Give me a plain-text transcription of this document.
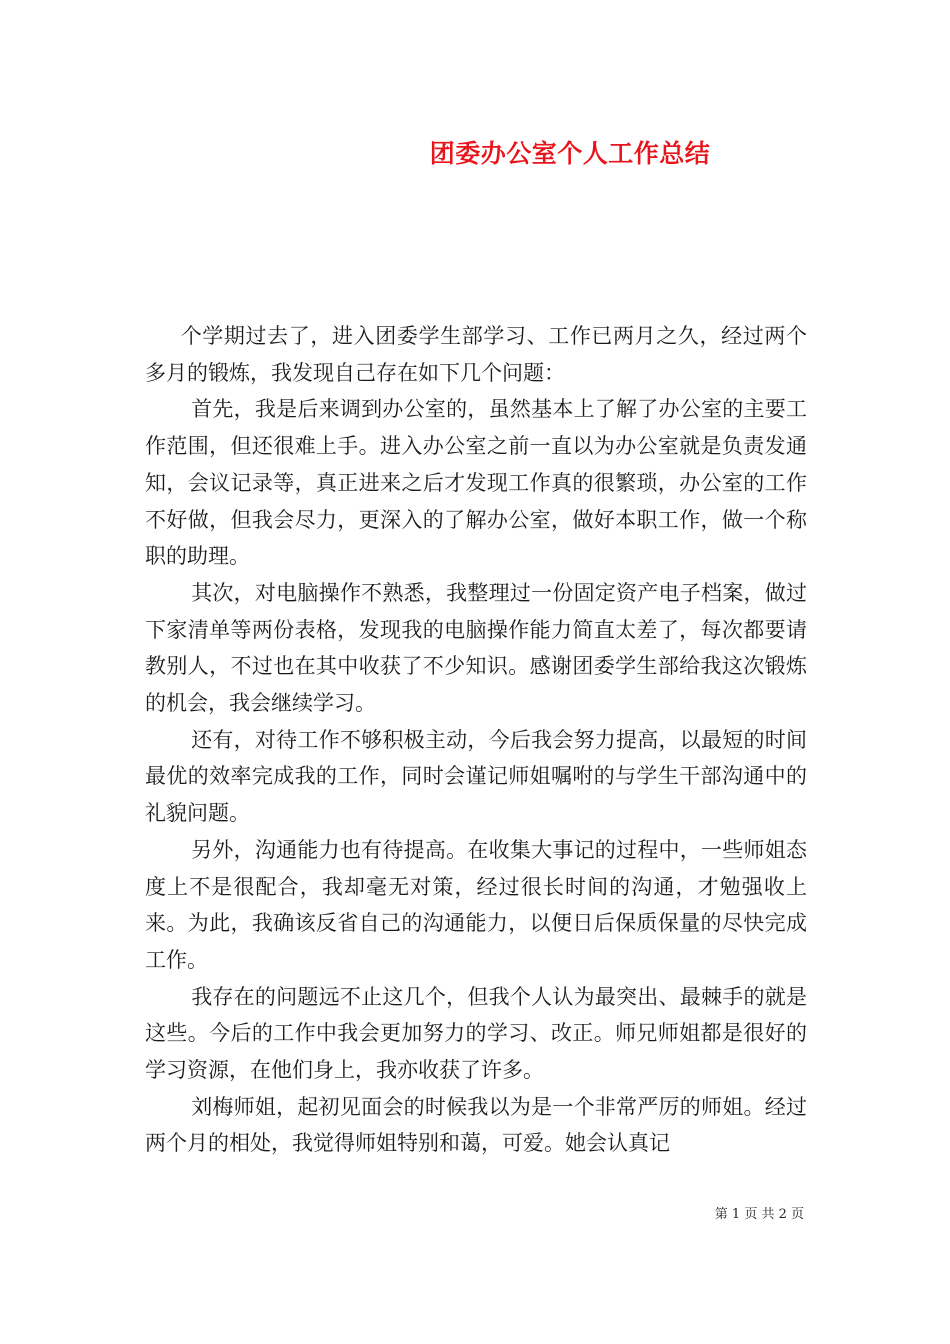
团委办公室个人工作总结

个学期过去了，进入团委学生部学习、工作已两月之久，经过两个多月的锻炼，我发现自己存在如下几个问题：

首先，我是后来调到办公室的，虽然基本上了解了办公室的主要工作范围，但还很难上手。进入办公室之前一直以为办公室就是负责发通知，会议记录等，真正进来之后才发现工作真的很繁琐，办公室的工作不好做，但我会尽力，更深入的了解办公室，做好本职工作，做一个称职的助理。

其次，对电脑操作不熟悉，我整理过一份固定资产电子档案，做过下家清单等两份表格，发现我的电脑操作能力简直太差了，每次都要请教别人，不过也在其中收获了不少知识。感谢团委学生部给我这次锻炼的机会，我会继续学习。

还有，对待工作不够积极主动，今后我会努力提高，以最短的时间最优的效率完成我的工作，同时会谨记师姐嘱咐的与学生干部沟通中的礼貌问题。

另外，沟通能力也有待提高。在收集大事记的过程中，一些师姐态度上不是很配合，我却毫无对策，经过很长时间的沟通，才勉强收上来。为此，我确该反省自己的沟通能力，以便日后保质保量的尽快完成工作。

我存在的问题远不止这几个，但我个人认为最突出、最棘手的就是这些。今后的工作中我会更加努力的学习、改正。师兄师姐都是很好的学习资源，在他们身上，我亦收获了许多。

刘梅师姐，起初见面会的时候我以为是一个非常严厉的师姐。经过两个月的相处，我觉得师姐特别和蔼，可爱。她会认真记

第 1 页 共 2 页
